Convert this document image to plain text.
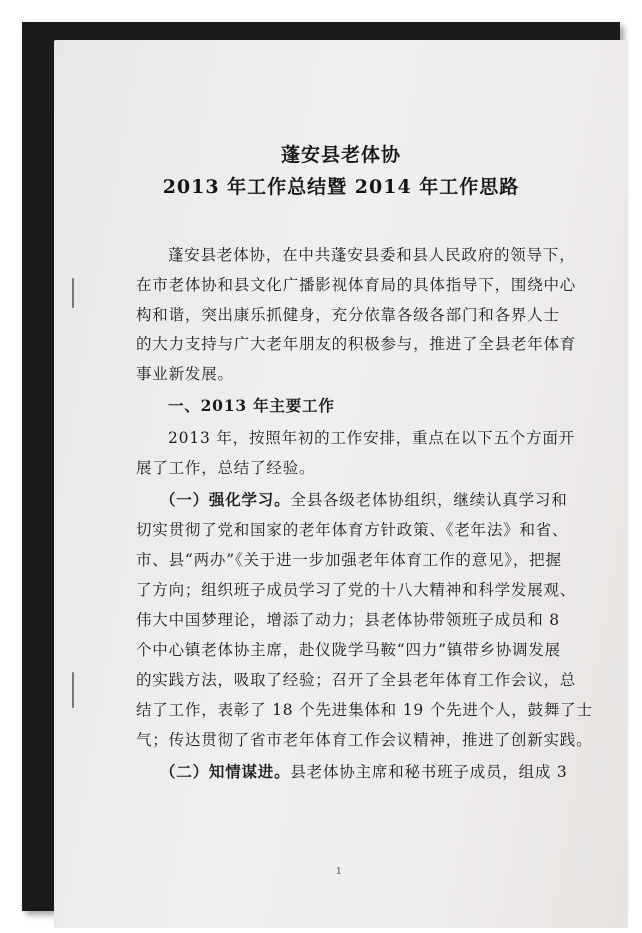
蓬安县老体协
2013 年工作总结暨 2014 年工作思路
蓬安县老体协，在中共蓬安县委和县人民政府的领导下，
在市老体协和县文化广播影视体育局的具体指导下，围绕中心
构和谐，突出康乐抓健身，充分依靠各级各部门和各界人士
的大力支持与广大老年朋友的积极参与，推进了全县老年体育
事业新发展。
一、2013 年主要工作
2013 年，按照年初的工作安排，重点在以下五个方面开
展了工作，总结了经验。
（一）强化学习。全县各级老体协组织，继续认真学习和
切实贯彻了党和国家的老年体育方针政策、《老年法》和省、
市、县“两办”《关于进一步加强老年体育工作的意见》，把握
了方向；组织班子成员学习了党的十八大精神和科学发展观、
伟大中国梦理论，增添了动力；县老体协带领班子成员和 8
个中心镇老体协主席，赴仪陇学马鞍“四力”镇带乡协调发展
的实践方法，吸取了经验；召开了全县老年体育工作会议，总
结了工作，表彰了 18 个先进集体和 19 个先进个人，鼓舞了士
气；传达贯彻了省市老年体育工作会议精神，推进了创新实践。
（二）知情谋进。县老体协主席和秘书班子成员，组成 3
1
